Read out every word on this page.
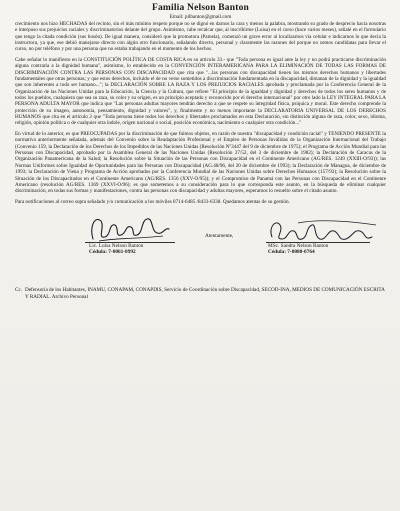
Familia Nelson Banton
Email: pilbanton@gmail.com

crecimiento nos hizo HECHADAS del recinto, sin el más mínimo respeto porque no se dignó en darnos la cara y menos la palabra, mostrando su grado de desprecio hacia nosotras e interpuso sus prejuicios raciales y discriminatorios delante del grupo. Asimismo, cabe recalcar que, al inscribirme (Luisa) en el curso (hace varios meses), señalé en el formulario que tengo la citada condición (sus busón). De igual manera, consideró que la promotora (Pamela), comenzó un grave error al localizarnos vía celular e indicarnos lo que decía la instructora, ya que, ese debió manejarse directo con algún otro funcionario, señalando directo, personal y claramente las razones del porque no somos candidatas para llevar el curso, no por teléfono y por una persona que no estaba trabajando en el momento de los hechos.

Cabe señalar lo manifiesto en la CONSTITUCIÓN POLÍTICA DE COSTA RICA en su artículo 33.- que "Toda persona es igual ante la ley y no podrá practicarse discriminación alguna contraria a la dignidad humana", asimismo, lo establecido en la CONVENCIÓN INTERAMERICANA PARA LA ELIMINACIÓN DE TODAS LAS FORMAS DE DISCRIMINACIÓN CONTRA LAS PERSONAS CON DISCAPACIDAD que cita que "...las personas con discapacidad tienen los mismos derechos humanos y libertades fundamentales que otras personas; y que estos derechos, incluido el de no verse sometidos a discriminación fundamentada en la discapacidad, dimanan de la dignidad y la igualdad que son inherentes a todo ser humano..."; la DECLARACIÓN SOBRE LA RAZA Y LOS PREJUICIOS RACIALES aprobada y proclamada por la Conferencia General de la Organización de las Naciones Unidas para la Educación, la Ciencia y la Cultura, que refiere "El principio de la igualdad y dignidad y derechos de todos los seres humanos y de todos los pueblos, cualquiera que sea su raza, su color y su origen, es un principio aceptado y reconocido por el derecho internacional" por otro lado la LEY INTEGRAL PARA LA PERSONA ADULTA MAYOR que indica que "Las personas adultas mayores tendrán derecho a que se respete su integridad física, psíquica y moral. Este derecho comprende la protección de su imagen, autonomía, pensamiento, dignidad y valores", y, finalmente y no menos importante la DECLARATORIA UNIVERSAL DE LOS DERECHOS HUMANOS que cita en el artículo 2 que "Toda persona tiene todos los derechos y libertades proclamados en esta Declaración, sin distinción alguna de raza, color, sexo, idioma, religión, opinión política o de cualquier otra índole, origen nacional o social, posición económica, nacimiento o cualquier otra condición..."

En virtud de lo anterior, es que PREOCUPADAS por la discriminación de que fuimos objetos, en razón de nuestra "discapacidad y condición racial" y TENIENDO PRESENTE la normativa anteriormente señalada, además del Convenio sobre la Readaptación Profesional y el Empleo de Personas Inválidas de la Organización Internacional del Trabajo (Convenio 159, la Declaración de los Derechos de los Impedidos de las Naciones Unidas (Resolución Nº3447 del 9 de diciembre de 1975); el Programa de Acción Mundial para las Personas con Discapacidad, aprobado por la Asamblea General de las Naciones Unidas (Resolución 37/52, del 3 de diciembre de 1982); la Declaración de Caracas de la Organización Panamericana de la Salud; la Resolución sobre la Situación de las Personas con Discapacidad en el Continente Americano (AG/RES. 1249 (XXIII-O/93)); las Normas Uniformes sobre Igualdad de Oportunidades para las Personas con Discapacidad (AG.48/96, del 20 de diciembre de 1993); la Declaración de Managua, de diciembre de 1993; la Declaración de Viena y Programa de Acción aprobados por la Conferencia Mundial de las Naciones Unidas sobre Derechos Humanos (157/93); la Resolución sobre la Situación de los Discapacitados en el Continente Americano (AG/RES. 1356 (XXV-O/95)); y el Compromiso de Panamá con las Personas con Discapacidad en el Continente Americano (resolución AG/RES. 1369 (XXVI-O/96); es que sometemos a su consideración para lo que corresponda este asunto, en la búsqueda de eliminar cualquier discriminación, en todas sus formas y manifestaciones, contra las personas con discapacidad y adultas mayores, esperamos lo resuelto sobre el citado asunto.

Para notificaciones al correo supra señalado y/o comunicación a los móviles 8714-6485 /8433-6338. Quedamos atentas de su gestión.

Lic. Luisa Nelson Banton
Cédula: 7-0061-0992
Atentamente,
MSc. Sandra Nelson Banton
Cédula: 7-0080-0764
Cc. Defensoría de los Habitantes, INAMU, CONAPAM, CONAPDIS, Servicio de Coordinación sobre Discapacidad, SECOD-INA, MEDIOS DE COMUNICACIÓN ESCRITA Y RADIAL. Archivo Personal
